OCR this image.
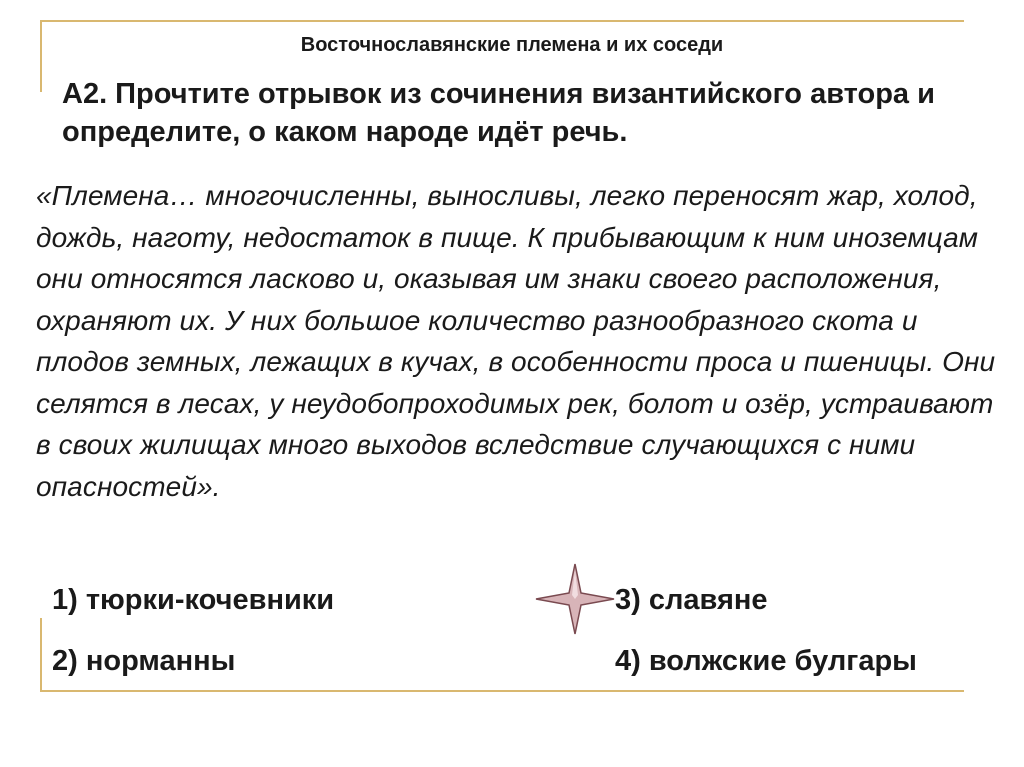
Восточнославянские племена и их соседи
А2. Прочтите отрывок из сочинения византийского автора и определите, о каком народе идёт речь.
«Племена… многочисленны, выносливы, легко переносят жар, холод, дождь, наготу, недостаток в пище. К прибывающим к ним иноземцам они относятся ласково и, оказывая им знаки своего расположения, охраняют их. У них большое количество разнообразного скота и плодов земных, лежащих в кучах, в особенности проса и пшеницы. Они селятся в лесах, у неудобопроходимых рек, болот и озёр, устраивают в своих жилищах много выходов вследствие случающихся с ними опасностей».
1) тюрки-кочевники
2) норманны
3) славяне
4) волжские булгары
